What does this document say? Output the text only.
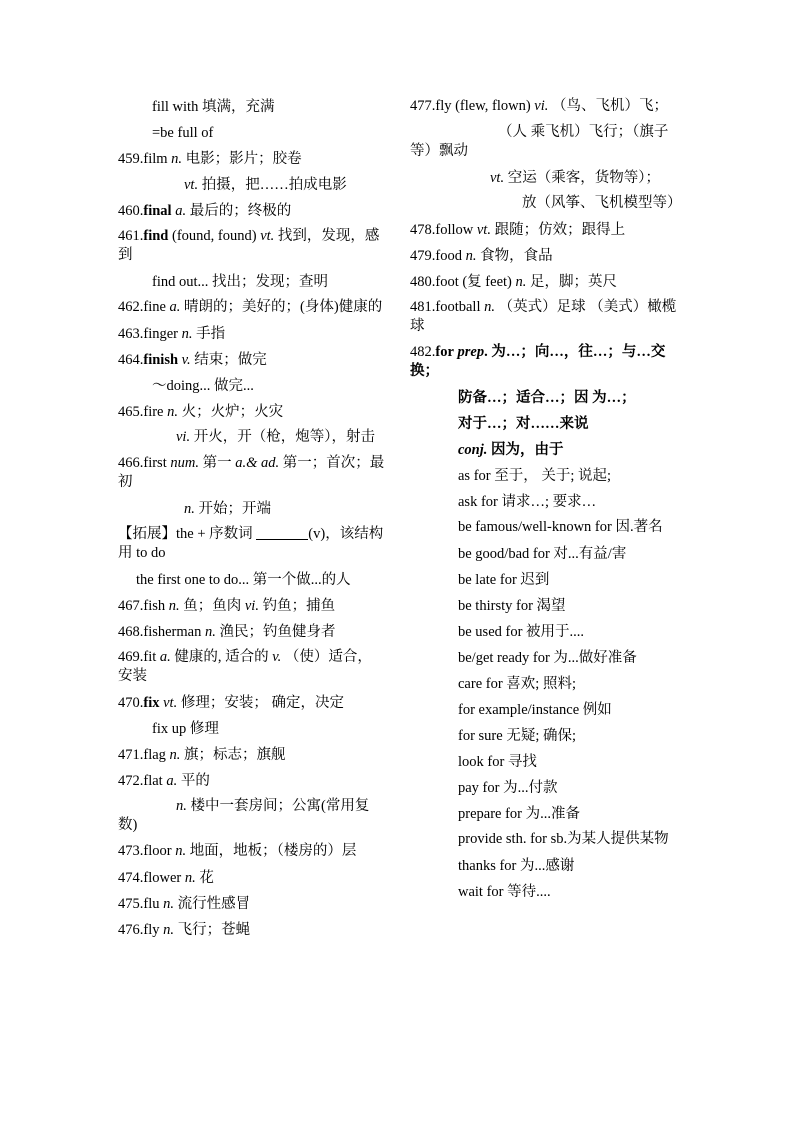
fill with 填满，充满
=be full of
459.film n. 电影；影片；胶卷
vt. 拍摄，把……拍成电影
460.final a. 最后的；终极的
461.find (found, found) vt. 找到，发现，感到
find out... 找出；发现；查明
462.fine a. 晴朗的；美好的；(身体)健康的
463.finger n. 手指
464.finish v. 结束；做完
～doing... 做完...
465.fire n. 火；火炉；火灾
vi. 开火，开（枪，炮等），射击
466.first num. 第一 a.& ad. 第一；首次；最初
n. 开始；开端
【拓展】the + 序数词	(v)，该结构用 to do
the first one to do... 第一个做...的人
467.fish n. 鱼；鱼肉 vi. 钓鱼；捕鱼
468.fisherman n. 渔民；钓鱼健身者
469.fit a. 健康的, 适合的 v. （使）适合，安装
470.fix vt. 修理；安装； 确定，决定
fix up 修理
471.flag n. 旗；标志；旗舰
472.flat a. 平的
n. 楼中一套房间；公寓(常用复数)
473.floor n. 地面，地板；（楼房的）层
474.flower n. 花
475.flu n. 流行性感冒
476.fly n. 飞行；苍蝇
477.fly (flew, flown) vi. （鸟、飞机）飞；
（人 乘飞机）飞行；（旗子等）飘动
vt. 空运（乘客，货物等）；
放（风筝、飞机模型等）
478.follow vt. 跟随；仿效；跟得上
479.food n. 食物，食品
480.foot (复 feet) n. 足，脚；英尺
481.football n. （英式）足球 （美式）橄榄球
482.for prep. 为…；向…，往…；与…交换；
防备…；适合…；因 为…；
对于…；对……来说
conj. 因为，由于
as for 至于， 关于; 说起;
ask for 请求…; 要求…
be famous/well-known for 因.著名
be good/bad for 对...有益/害
be late for 迟到
be thirsty for 渴望
be used for 被用于....
be/get ready for 为...做好准备
care for 喜欢; 照料;
for example/instance 例如
for sure 无疑; 确保;
look for 寻找
pay for 为...付款
prepare for 为...准备
provide sth. for sb.为某人提供某物
thanks for 为...感谢
wait for 等待....
